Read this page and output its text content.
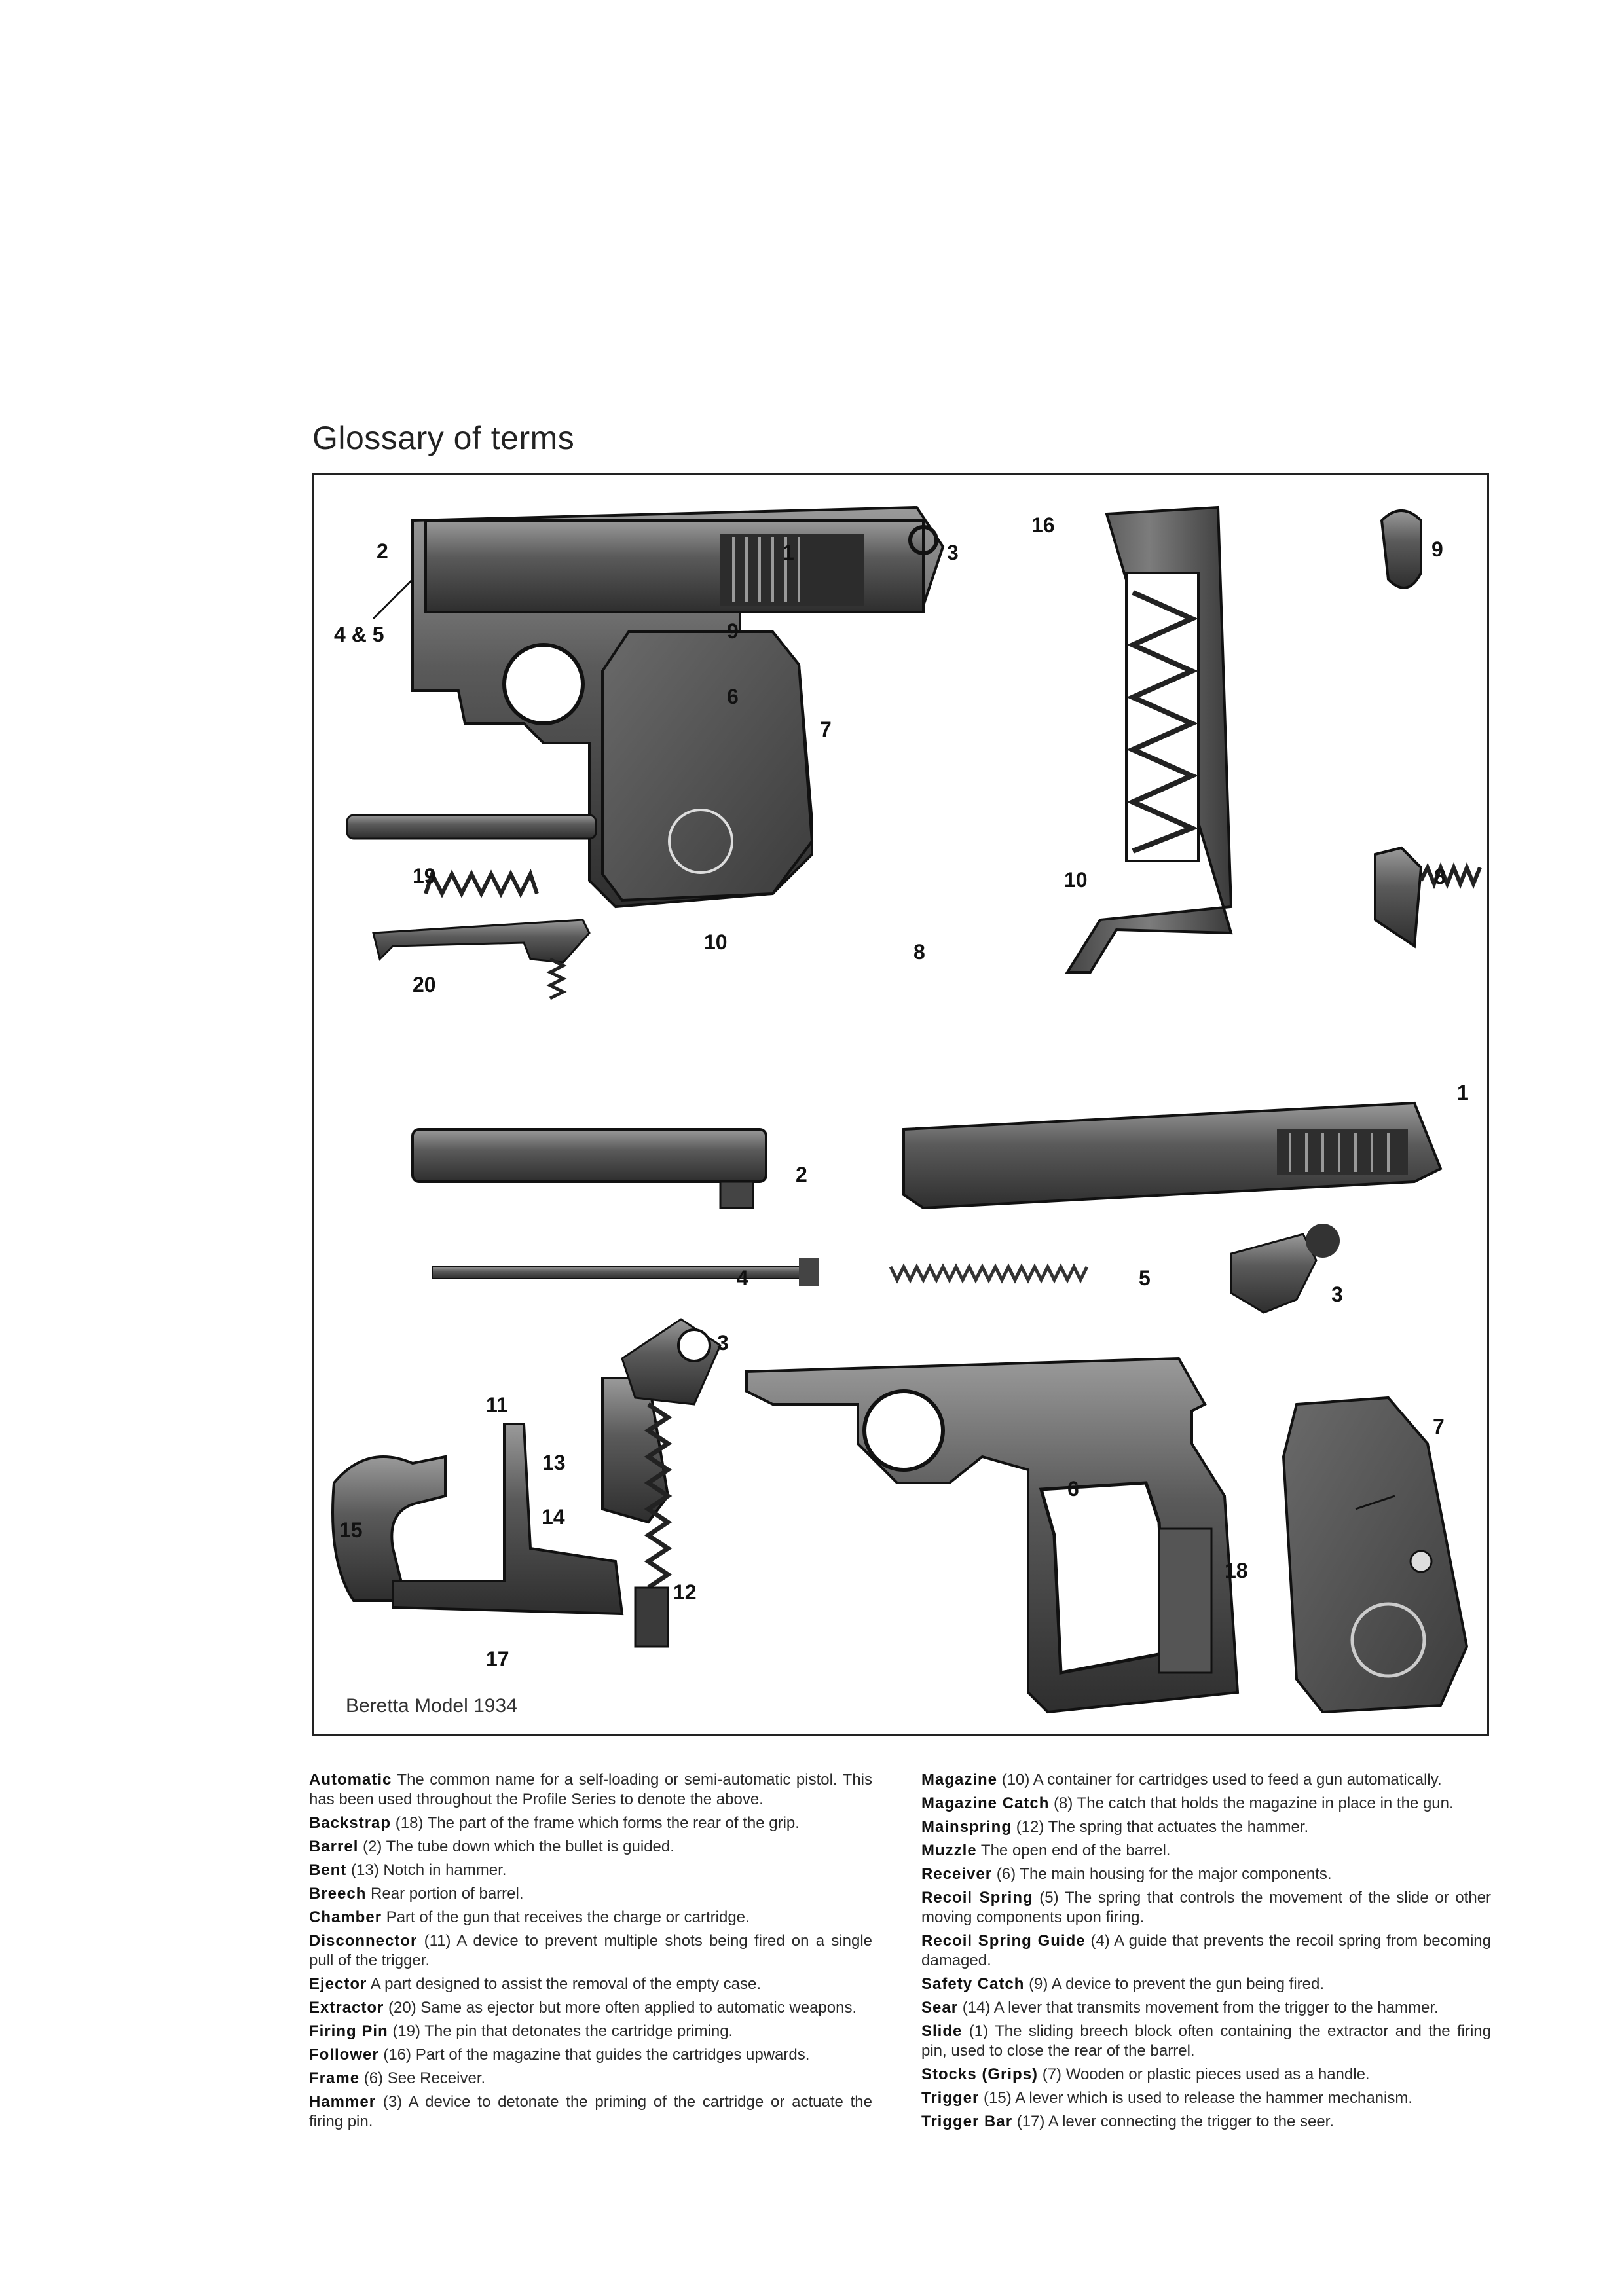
Glossary of terms
2
4 & 5
1
9
6
7
3
16
9
10	8
19
20
10	8
2
1
4	5
3
3
11
13
14
15
12
17
6
18
7
Beretta Model 1934

Automatic The common name for a self-loading or semi-automatic pistol. This has been used throughout the Profile Series to denote the above.

Backstrap (18) The part of the frame which forms the rear of the grip.

Barrel (2) The tube down which the bullet is guided.

Bent (13) Notch in hammer.

Breech Rear portion of barrel.

Chamber Part of the gun that receives the charge or cartridge.

Disconnector (11) A device to prevent multiple shots being fired on a single pull of the trigger.

Ejector A part designed to assist the removal of the empty case.

Extractor (20) Same as ejector but more often applied to automatic weapons.

Firing Pin (19) The pin that detonates the cartridge priming.

Follower (16) Part of the magazine that guides the cartridges upwards.

Frame (6) See Receiver.

Hammer (3) A device to detonate the priming of the cartridge or actuate the firing pin.

Magazine (10) A container for cartridges used to feed a gun automatically.

Magazine Catch (8) The catch that holds the magazine in place in the gun.

Mainspring (12) The spring that actuates the hammer.

Muzzle The open end of the barrel.

Receiver (6) The main housing for the major components.

Recoil Spring (5) The spring that controls the movement of the slide or other moving components upon firing.

Recoil Spring Guide (4) A guide that prevents the recoil spring from becoming damaged.

Safety Catch (9) A device to prevent the gun being fired.

Sear (14) A lever that transmits movement from the trigger to the hammer.

Slide (1) The sliding breech block often containing the extractor and the firing pin, used to close the rear of the barrel.

Stocks (Grips) (7) Wooden or plastic pieces used as a handle.

Trigger (15) A lever which is used to release the hammer mechanism.

Trigger Bar (17) A lever connecting the trigger to the seer.
